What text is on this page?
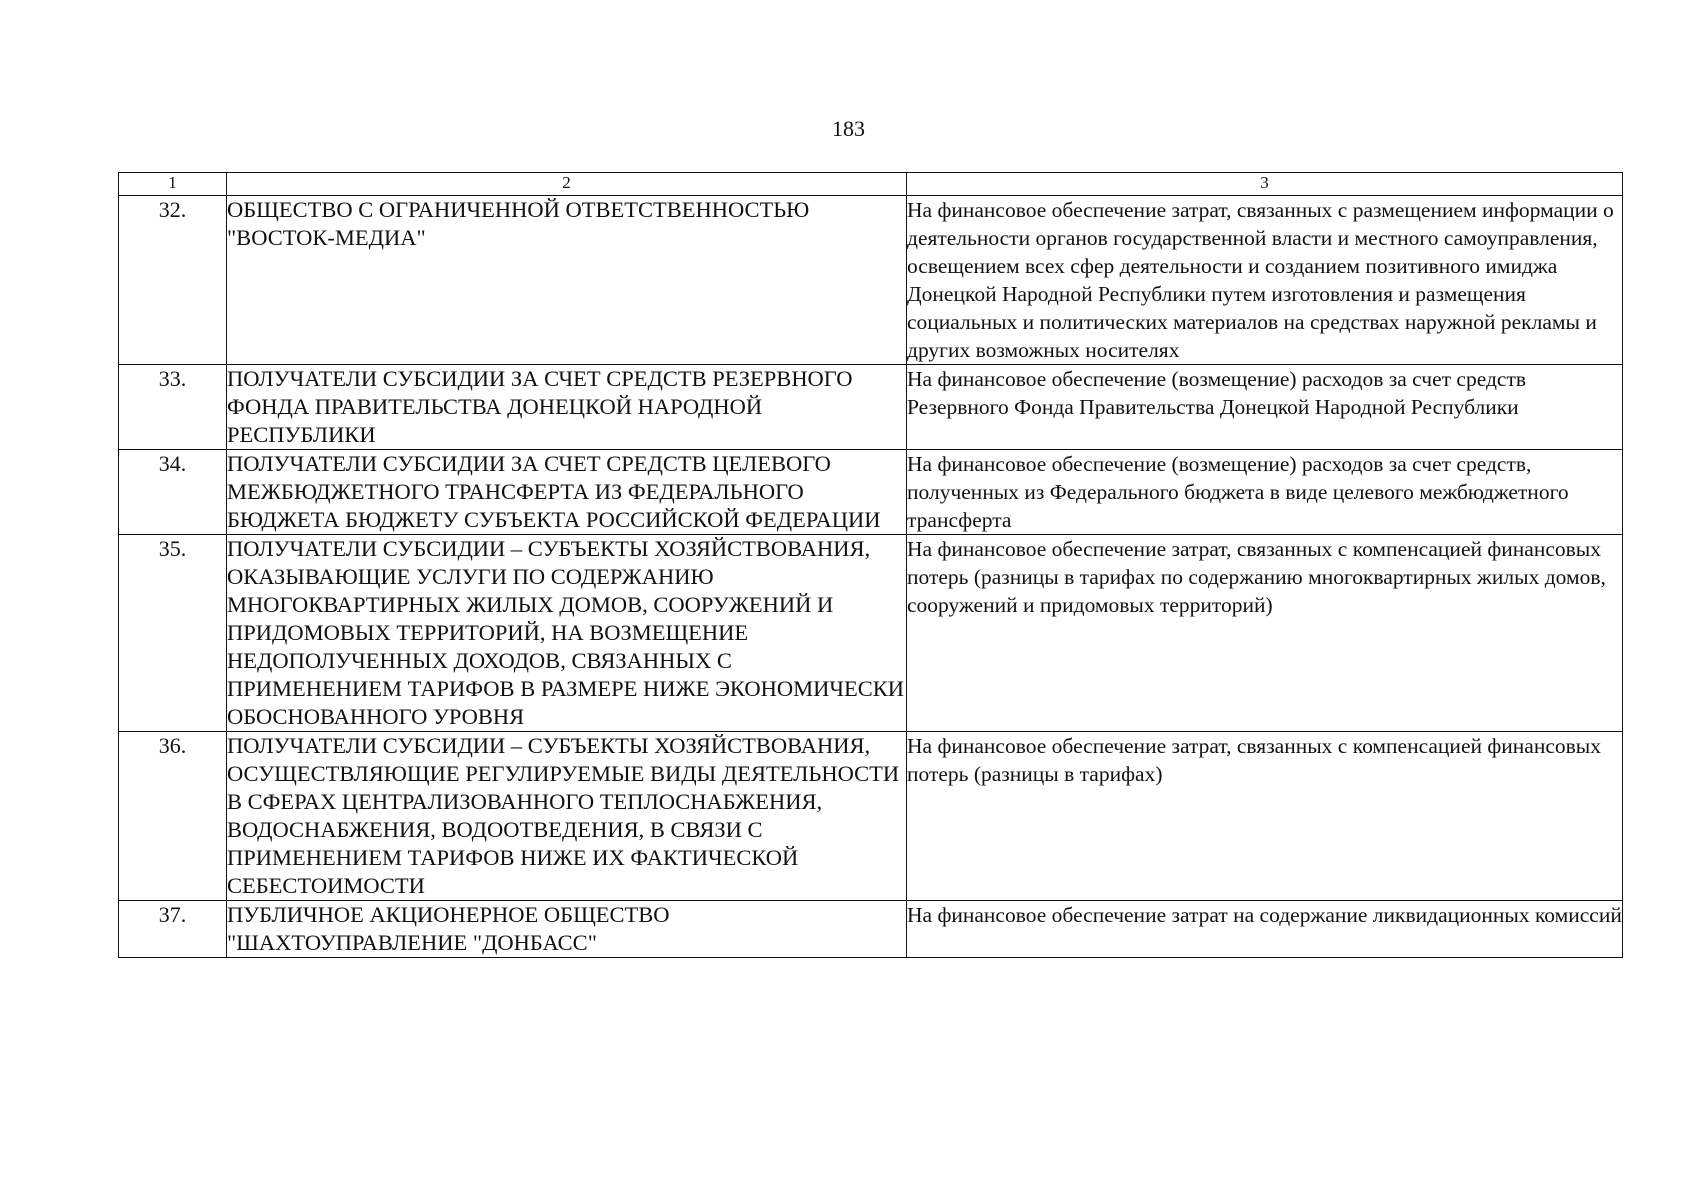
183
1	2	3
32.	ОБЩЕСТВО С ОГРАНИЧЕННОЙ ОТВЕТСТВЕННОСТЬЮ "ВОСТОК-МЕДИА"	На финансовое обеспечение затрат, связанных с размещением информации о деятельности органов государственной власти и местного самоуправления, освещением всех сфер деятельности и созданием позитивного имиджа Донецкой Народной Республики путем изготовления и размещения социальных и политических материалов на средствах наружной рекламы и других возможных носителях
33.	ПОЛУЧАТЕЛИ СУБСИДИИ ЗА СЧЕТ СРЕДСТВ РЕЗЕРВНОГО ФОНДА ПРАВИТЕЛЬСТВА ДОНЕЦКОЙ НАРОДНОЙ РЕСПУБЛИКИ	На финансовое обеспечение (возмещение) расходов за счет средств Резервного Фонда Правительства Донецкой Народной Республики
34.	ПОЛУЧАТЕЛИ СУБСИДИИ ЗА СЧЕТ СРЕДСТВ ЦЕЛЕВОГО МЕЖБЮДЖЕТНОГО ТРАНСФЕРТА ИЗ ФЕДЕРАЛЬНОГО БЮДЖЕТА БЮДЖЕТУ СУБЪЕКТА РОССИЙСКОЙ ФЕДЕРАЦИИ	На финансовое обеспечение (возмещение) расходов за счет средств, полученных из Федерального бюджета в виде целевого межбюджетного трансферта
35.	ПОЛУЧАТЕЛИ СУБСИДИИ – СУБЪЕКТЫ ХОЗЯЙСТВОВАНИЯ, ОКАЗЫВАЮЩИЕ УСЛУГИ ПО СОДЕРЖАНИЮ МНОГОКВАРТИРНЫХ ЖИЛЫХ ДОМОВ, СООРУЖЕНИЙ И ПРИДОМОВЫХ ТЕРРИТОРИЙ, НА ВОЗМЕЩЕНИЕ НЕДОПОЛУЧЕННЫХ ДОХОДОВ, СВЯЗАННЫХ С ПРИМЕНЕНИЕМ ТАРИФОВ В РАЗМЕРЕ НИЖЕ ЭКОНОМИЧЕСКИ ОБОСНОВАННОГО УРОВНЯ	На финансовое обеспечение затрат, связанных с компенсацией финансовых потерь (разницы в тарифах по содержанию многоквартирных жилых домов, сооружений и придомовых территорий)
36.	ПОЛУЧАТЕЛИ СУБСИДИИ – СУБЪЕКТЫ ХОЗЯЙСТВОВАНИЯ, ОСУЩЕСТВЛЯЮЩИЕ РЕГУЛИРУЕМЫЕ ВИДЫ ДЕЯТЕЛЬНОСТИ В СФЕРАХ ЦЕНТРАЛИЗОВАННОГО ТЕПЛОСНАБЖЕНИЯ, ВОДОСНАБЖЕНИЯ, ВОДООТВЕДЕНИЯ, В СВЯЗИ С ПРИМЕНЕНИЕМ ТАРИФОВ НИЖЕ ИХ ФАКТИЧЕСКОЙ СЕБЕСТОИМОСТИ	На финансовое обеспечение затрат, связанных с компенсацией финансовых потерь (разницы в тарифах)
37.	ПУБЛИЧНОЕ АКЦИОНЕРНОЕ ОБЩЕСТВО "ШАХТОУПРАВЛЕНИЕ "ДОНБАСС"	На финансовое обеспечение затрат на содержание ликвидационных комиссий
